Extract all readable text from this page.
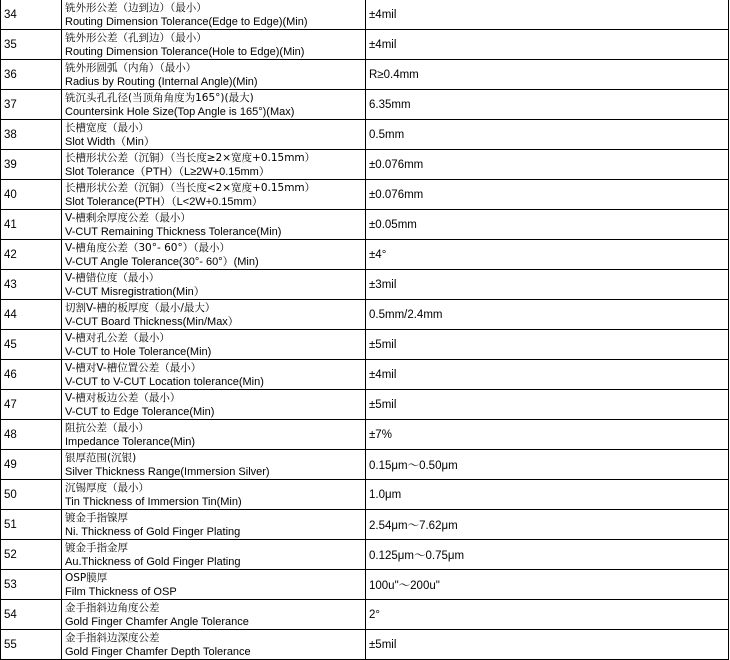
34	铣外形公差（边到边）（最小）
Routing Dimension Tolerance(Edge to Edge)(Min)	±4mil
35	铣外形公差（孔到边）（最小）
Routing Dimension Tolerance(Hole to Edge)(Min)	±4mil
36	铣外形圆弧（内角）（最小）
Radius by Routing (Internal Angle)(Min)	R≥0.4mm
37	铣沉头孔孔径(当顶角角度为165°)(最大)
Countersink Hole Size(Top Angle is 165°)(Max)	6.35mm
38	长槽宽度（最小）
Slot Width（Min）	0.5mm
39	长槽形状公差（沉铜）（当长度≥2×宽度+0.15mm）
Slot Tolerance（PTH）（L≥2W+0.15mm）	±0.076mm
40	长槽形状公差（沉铜）（当长度<2×宽度+0.15mm）
Slot Tolerance(PTH）（L<2W+0.15mm）	±0.076mm
41	V-槽剩余厚度公差（最小）
V-CUT Remaining Thickness Tolerance(Min)	±0.05mm
42	V-槽角度公差（30°- 60°）（最小）
V-CUT Angle Tolerance(30°- 60°）(Min)	±4°
43	V-槽错位度（最小）
V-CUT Misregistration(Min）	±3mil
44	切割V-槽的板厚度（最小/最大）
V-CUT Board Thickness(Min/Max）	0.5mm/2.4mm
45	V-槽对孔公差（最小）
V-CUT to Hole Tolerance(Min)	±5mil
46	V-槽对V-槽位置公差（最小）
V-CUT to V-CUT Location tolerance(Min)	±4mil
47	V-槽对板边公差（最小）
V-CUT to Edge Tolerance(Min)	±5mil
48	阻抗公差（最小）
Impedance Tolerance(Min)	±7%
49	银厚范围(沉银)
Silver Thickness Range(Immersion Silver)	0.15μm～0.50μm
50	沉锡厚度（最小）
Tin Thickness of Immersion Tin(Min)	1.0μm
51	镀金手指镍厚
Ni. Thickness of Gold Finger Plating	2.54μm～7.62μm
52	镀金手指金厚
Au.Thickness of Gold Finger Plating	0.125μm～0.75μm
53	OSP膜厚
Film Thickness of OSP	100u"～200u"
54	金手指斜边角度公差
Gold Finger Chamfer Angle Tolerance	2°
55	金手指斜边深度公差
Gold Finger Chamfer Depth Tolerance	±5mil
